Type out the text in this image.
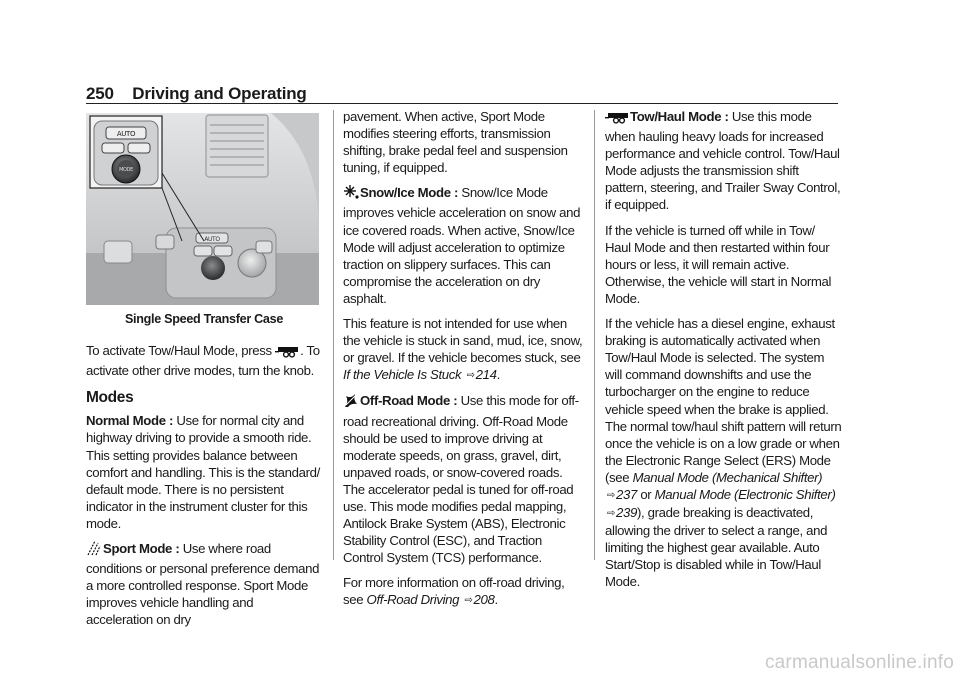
250 Driving and Operating
AUTO
AUTO
MODE
Single Speed Transfer Case

To activate Tow/Haul Mode, press . To activate other drive modes, turn the knob.

Modes

Normal Mode : Use for normal city and highway driving to provide a smooth ride. This setting provides balance between comfort and handling. This is the standard/ default mode. There is no persistent indicator in the instrument cluster for this mode.

Sport Mode : Use where road conditions or personal preference demand a more controlled response. Sport Mode improves vehicle handling and acceleration on dry

pavement. When active, Sport Mode modifies steering efforts, transmission shifting, brake pedal feel and suspension tuning, if equipped.

Snow/Ice Mode : Snow/Ice Mode improves vehicle acceleration on snow and ice covered roads. When active, Snow/Ice Mode will adjust acceleration to optimize traction on slippery surfaces. This can compromise the acceleration on dry asphalt.

This feature is not intended for use when the vehicle is stuck in sand, mud, ice, snow, or gravel. If the vehicle becomes stuck, see If the Vehicle Is Stuck ⇨214.

Off-Road Mode : Use this mode for off-road recreational driving. Off-Road Mode should be used to improve driving at moderate speeds, on grass, gravel, dirt, unpaved roads, or snow-covered roads. The accelerator pedal is tuned for off-road use. This mode modifies pedal mapping, Antilock Brake System (ABS), Electronic Stability Control (ESC), and Traction Control System (TCS) performance.

For more information on off-road driving, see Off-Road Driving ⇨208.

Tow/Haul Mode : Use this mode when hauling heavy loads for increased performance and vehicle control. Tow/Haul Mode adjusts the transmission shift pattern, steering, and Trailer Sway Control, if equipped.

If the vehicle is turned off while in Tow/ Haul Mode and then restarted within four hours or less, it will remain active. Otherwise, the vehicle will start in Normal Mode.

If the vehicle has a diesel engine, exhaust braking is automatically activated when Tow/Haul Mode is selected. The system will command downshifts and use the turbocharger on the engine to reduce vehicle speed when the brake is applied. The normal tow/haul shift pattern will return once the vehicle is on a low grade or when the Electronic Range Select (ERS) Mode (see Manual Mode (Mechanical Shifter) ⇨237 or Manual Mode (Electronic Shifter) ⇨239), grade breaking is deactivated, allowing the driver to select a range, and limiting the highest gear available. Auto Start/Stop is disabled while in Tow/Haul Mode.

carmanualsonline.info
